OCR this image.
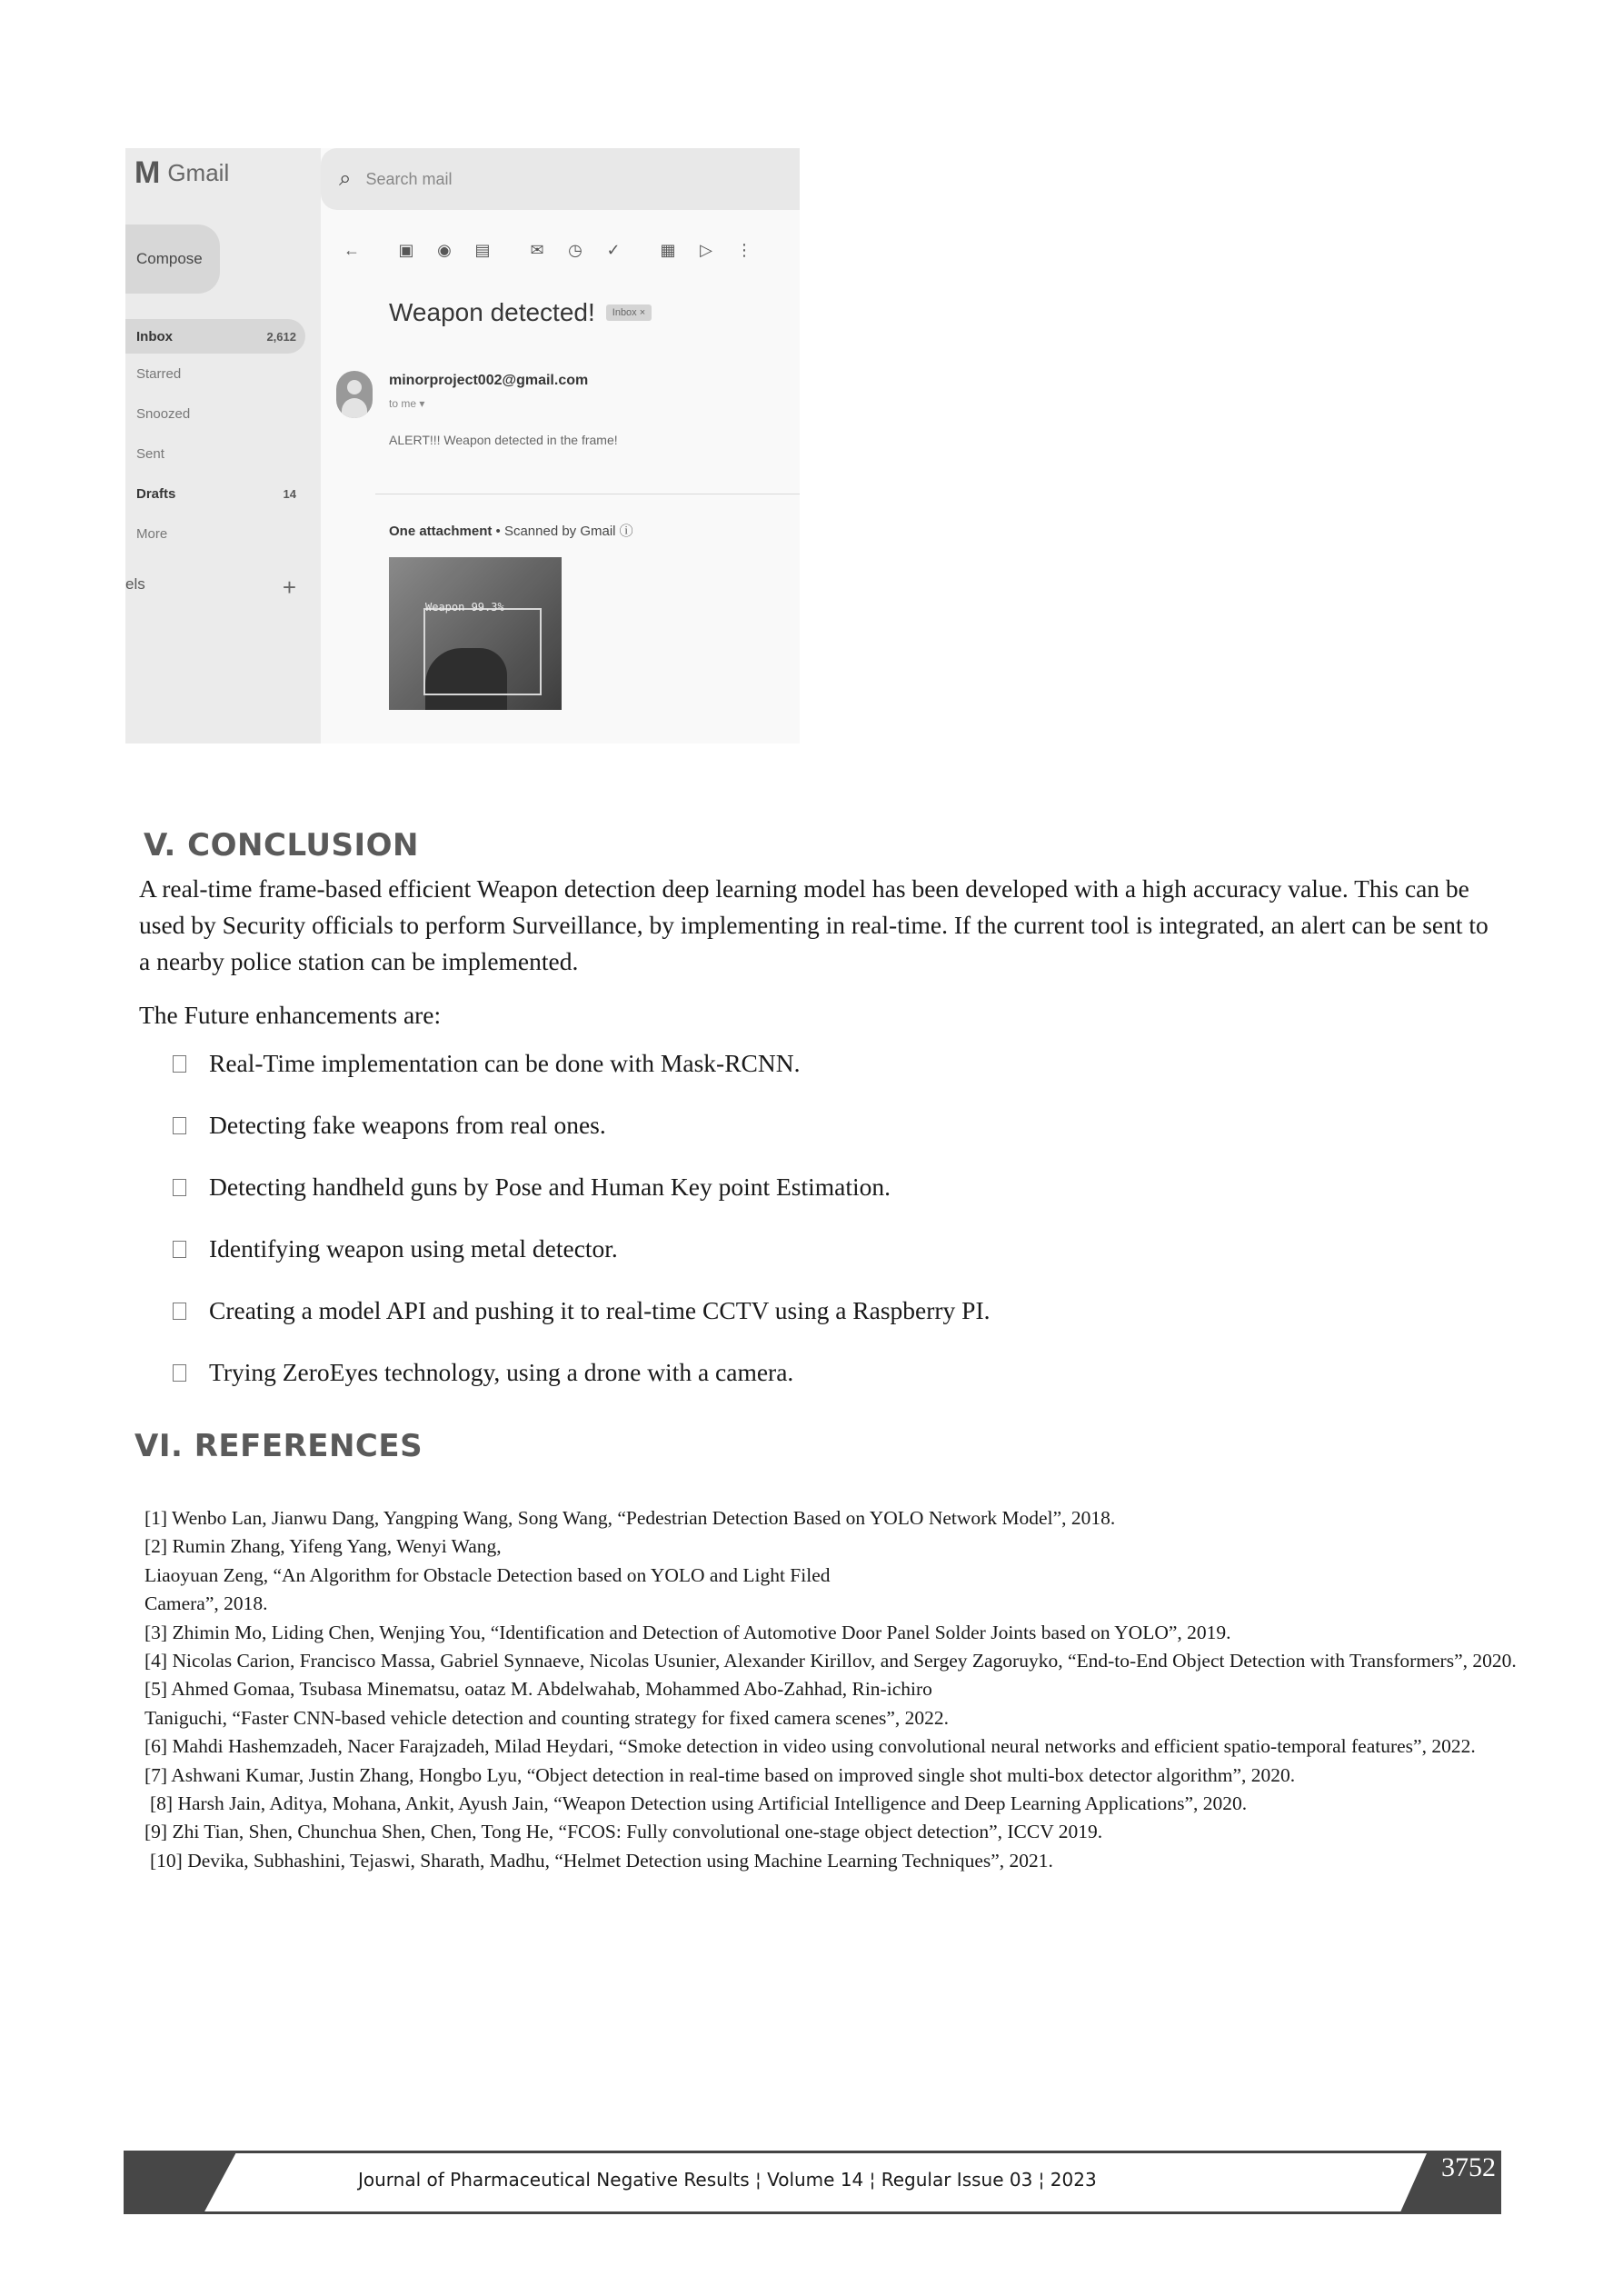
M Gmail
Compose
Inbox	2,612
Starred
Snoozed
Sent
Drafts	14
More
els	+
⌕ Search mail
←	▣	◉	▤	✉	◷	✓	▦	▷	⋮
Weapon detected!	Inbox ×
minorproject002@gmail.com
to me ▾
ALERT!!! Weapon detected in the frame!
One attachment • Scanned by Gmail ⓘ
Weapon 99.3%
V. CONCLUSION

A real-time frame-based efficient Weapon detection deep learning model has been developed with a high accuracy value. This can be used by Security officials to perform Surveillance, by implementing in real-time. If the current tool is integrated, an alert can be sent to a nearby police station can be implemented.

The Future enhancements are:

Real-Time implementation can be done with Mask-RCNN.
Detecting fake weapons from real ones.
Detecting handheld guns by Pose and Human Key point Estimation.
Identifying weapon using metal detector.
Creating a model API and pushing it to real-time CCTV using a Raspberry PI.
Trying ZeroEyes technology, using a drone with a camera.
VI. REFERENCES
[1] Wenbo Lan, Jianwu Dang, Yangping Wang, Song Wang, “Pedestrian Detection Based on YOLO Network Model”, 2018.
[2] Rumin Zhang, Yifeng Yang, Wenyi Wang,
Liaoyuan Zeng, “An Algorithm for Obstacle Detection based on YOLO and Light Filed
Camera”, 2018.
[3] Zhimin Mo, Liding Chen, Wenjing You, “Identification and Detection of Automotive Door Panel Solder Joints based on YOLO”, 2019.
[4] Nicolas Carion, Francisco Massa, Gabriel Synnaeve, Nicolas Usunier, Alexander Kirillov, and Sergey Zagoruyko, “End-to-End Object Detection with Transformers”, 2020.
[5] Ahmed Gomaa, Tsubasa Minematsu, oataz M. Abdelwahab, Mohammed Abo-Zahhad, Rin-ichiro
Taniguchi, “Faster CNN-based vehicle detection and counting strategy for fixed camera scenes”, 2022.
[6] Mahdi Hashemzadeh, Nacer Farajzadeh, Milad Heydari, “Smoke detection in video using convolutional neural networks and efficient spatio-temporal features”, 2022.
[7] Ashwani Kumar, Justin Zhang, Hongbo Lyu, “Object detection in real-time based on improved single shot multi-box detector algorithm”, 2020.
[8] Harsh Jain, Aditya, Mohana, Ankit, Ayush Jain, “Weapon Detection using Artificial Intelligence and Deep Learning Applications”, 2020.
[9] Zhi Tian, Shen, Chunchua Shen, Chen, Tong He, “FCOS: Fully convolutional one-stage object detection”, ICCV 2019.
[10] Devika, Subhashini, Tejaswi, Sharath, Madhu, “Helmet Detection using Machine Learning Techniques”, 2021.
Journal of Pharmaceutical Negative Results ¦ Volume 14 ¦ Regular Issue 03 ¦ 2023	3752
